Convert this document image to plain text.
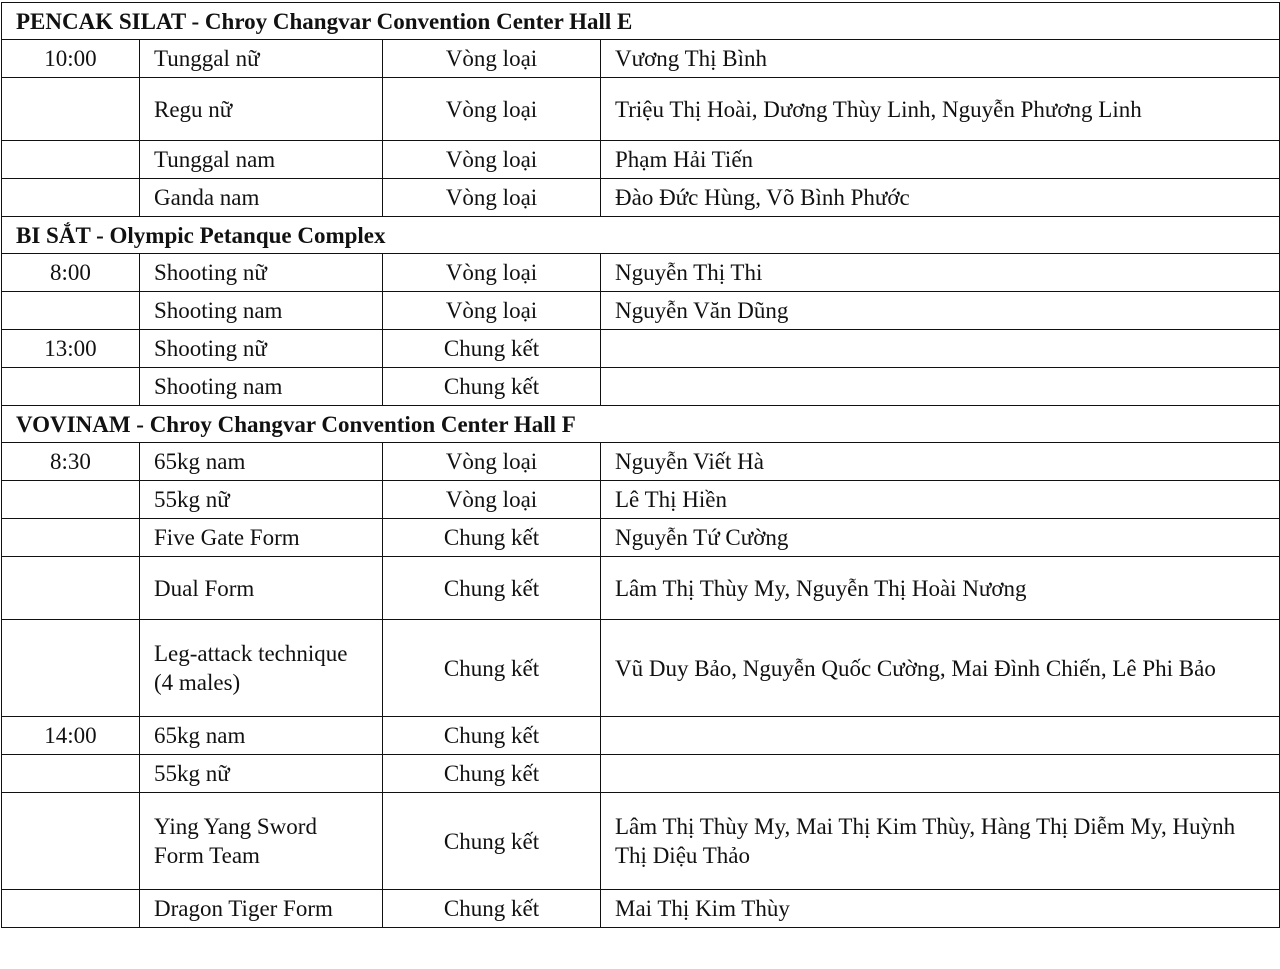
PENCAK SILAT - Chroy Changvar Convention Center Hall E			
10:00	Tunggal nữ	Vòng loại	Vương Thị Bình
	Regu nữ	Vòng loại	Triệu Thị Hoài, Dương Thùy Linh, Nguyễn Phương Linh
	Tunggal nam	Vòng loại	Phạm Hải Tiến
	Ganda nam	Vòng loại	Đào Đức Hùng, Võ Bình Phước
BI SẮT - Olympic Petanque Complex			
8:00	Shooting nữ	Vòng loại	Nguyễn Thị Thi
	Shooting nam	Vòng loại	Nguyễn Văn Dũng
13:00	Shooting nữ	Chung kết	
	Shooting nam	Chung kết	
VOVINAM - Chroy Changvar Convention Center Hall F			
8:30	65kg nam	Vòng loại	Nguyễn Viết Hà
	55kg nữ	Vòng loại	Lê Thị Hiền
	Five Gate Form	Chung kết	Nguyễn Tứ Cường
	Dual Form	Chung kết	Lâm Thị Thùy My, Nguyễn Thị Hoài Nương
	Leg-attack technique (4 males)	Chung kết	Vũ Duy Bảo, Nguyễn Quốc Cường, Mai Đình Chiến, Lê Phi Bảo
14:00	65kg nam	Chung kết	
	55kg nữ	Chung kết	
	Ying Yang Sword Form Team	Chung kết	Lâm Thị Thùy My, Mai Thị Kim Thùy, Hàng Thị Diễm My, Huỳnh Thị Diệu Thảo
	Dragon Tiger Form	Chung kết	Mai Thị Kim Thùy
